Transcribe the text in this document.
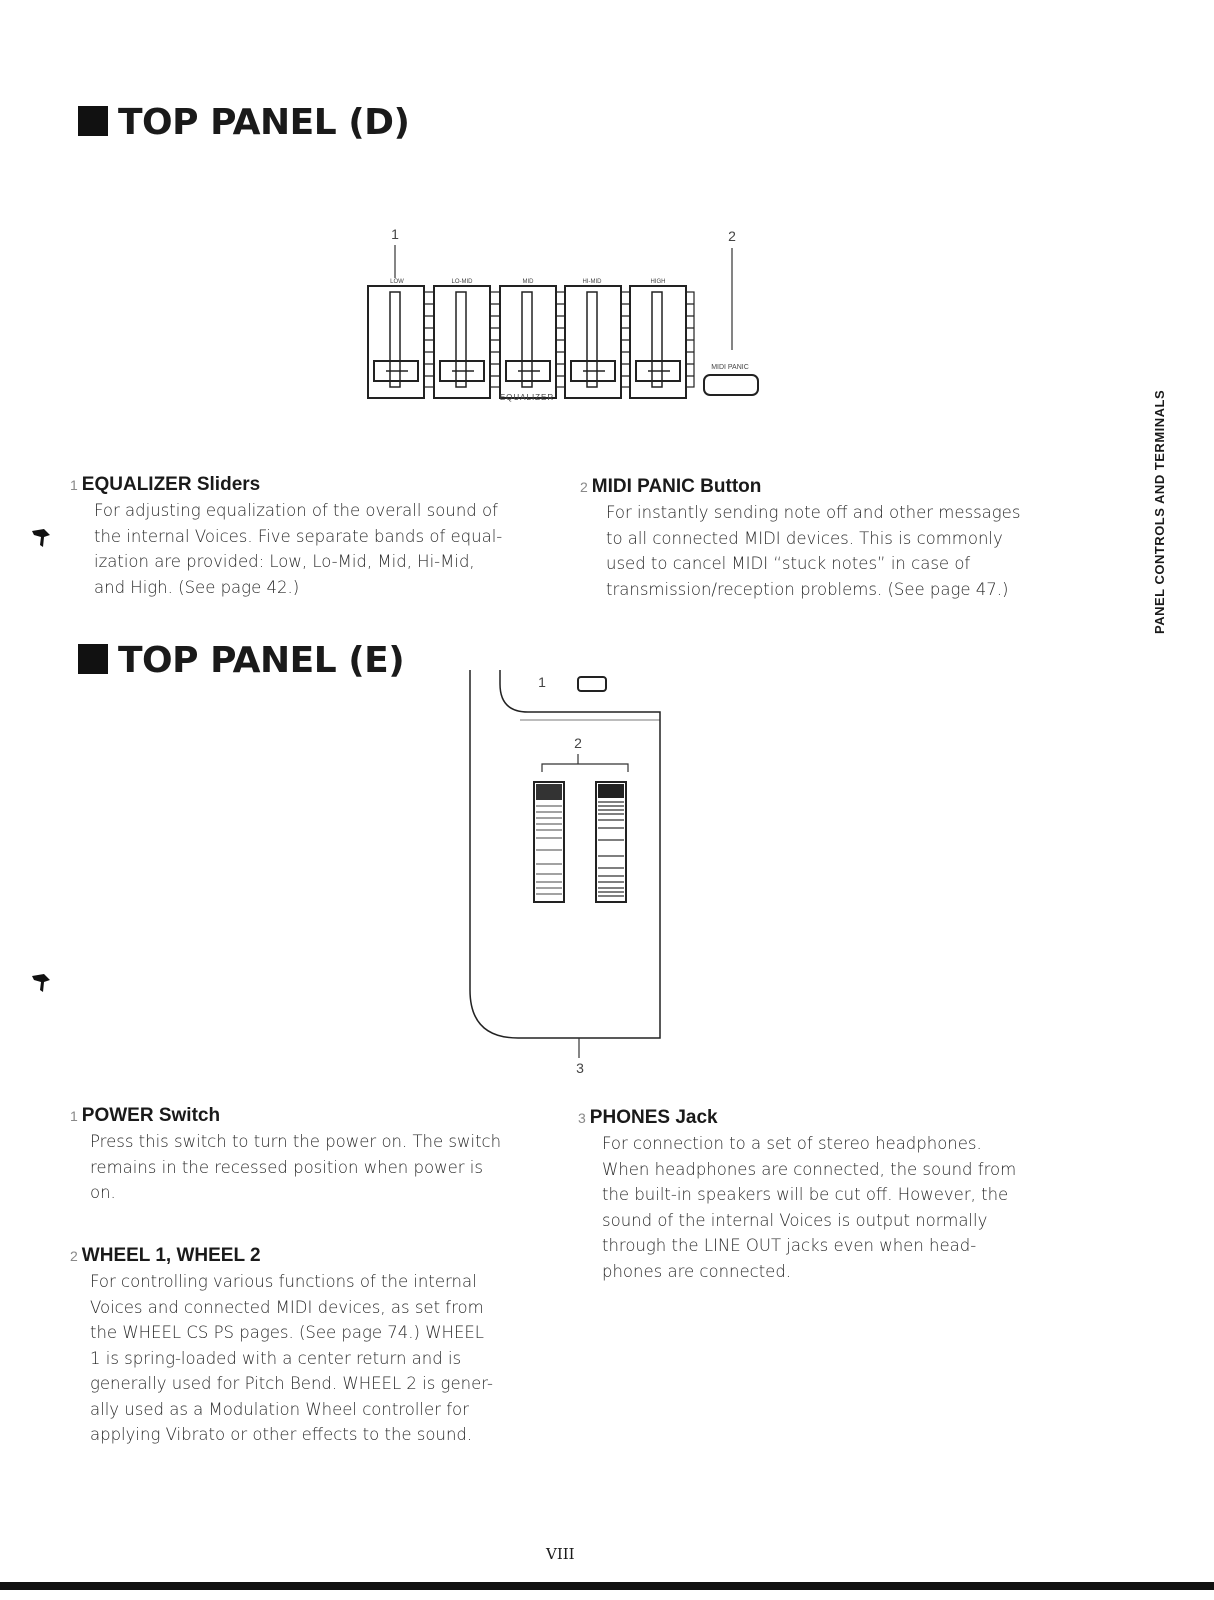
TOP PANEL (D)
1	2
LOW	LO-MID	MID	HI-MID	HIGH
EQUALIZER
MIDI PANIC

1 EQUALIZER Sliders

For adjusting equalization of the overall sound of

the internal Voices. Five separate bands of equal-

ization are provided: Low, Lo-Mid, Mid, Hi-Mid,

and High. (See page 42.)

2 MIDI PANIC Button

For instantly sending note off and other messages

to all connected MIDI devices. This is commonly

used to cancel MIDI “stuck notes” in case of

transmission/reception problems. (See page 47.)

TOP PANEL (E)
1
2
3

1 POWER Switch

Press this switch to turn the power on. The switch

remains in the recessed position when power is

on.

2 WHEEL 1, WHEEL 2

For controlling various functions of the internal

Voices and connected MIDI devices, as set from

the WHEEL CS PS pages. (See page 74.) WHEEL

1 is spring-loaded with a center return and is

generally used for Pitch Bend. WHEEL 2 is gener-

ally used as a Modulation Wheel controller for

applying Vibrato or other effects to the sound.

3 PHONES Jack

For connection to a set of stereo headphones.

When headphones are connected, the sound from

the built-in speakers will be cut off. However, the

sound of the internal Voices is output normally

through the LINE OUT jacks even when head-

phones are connected.

PANEL CONTROLS AND TERMINALS
VIII
